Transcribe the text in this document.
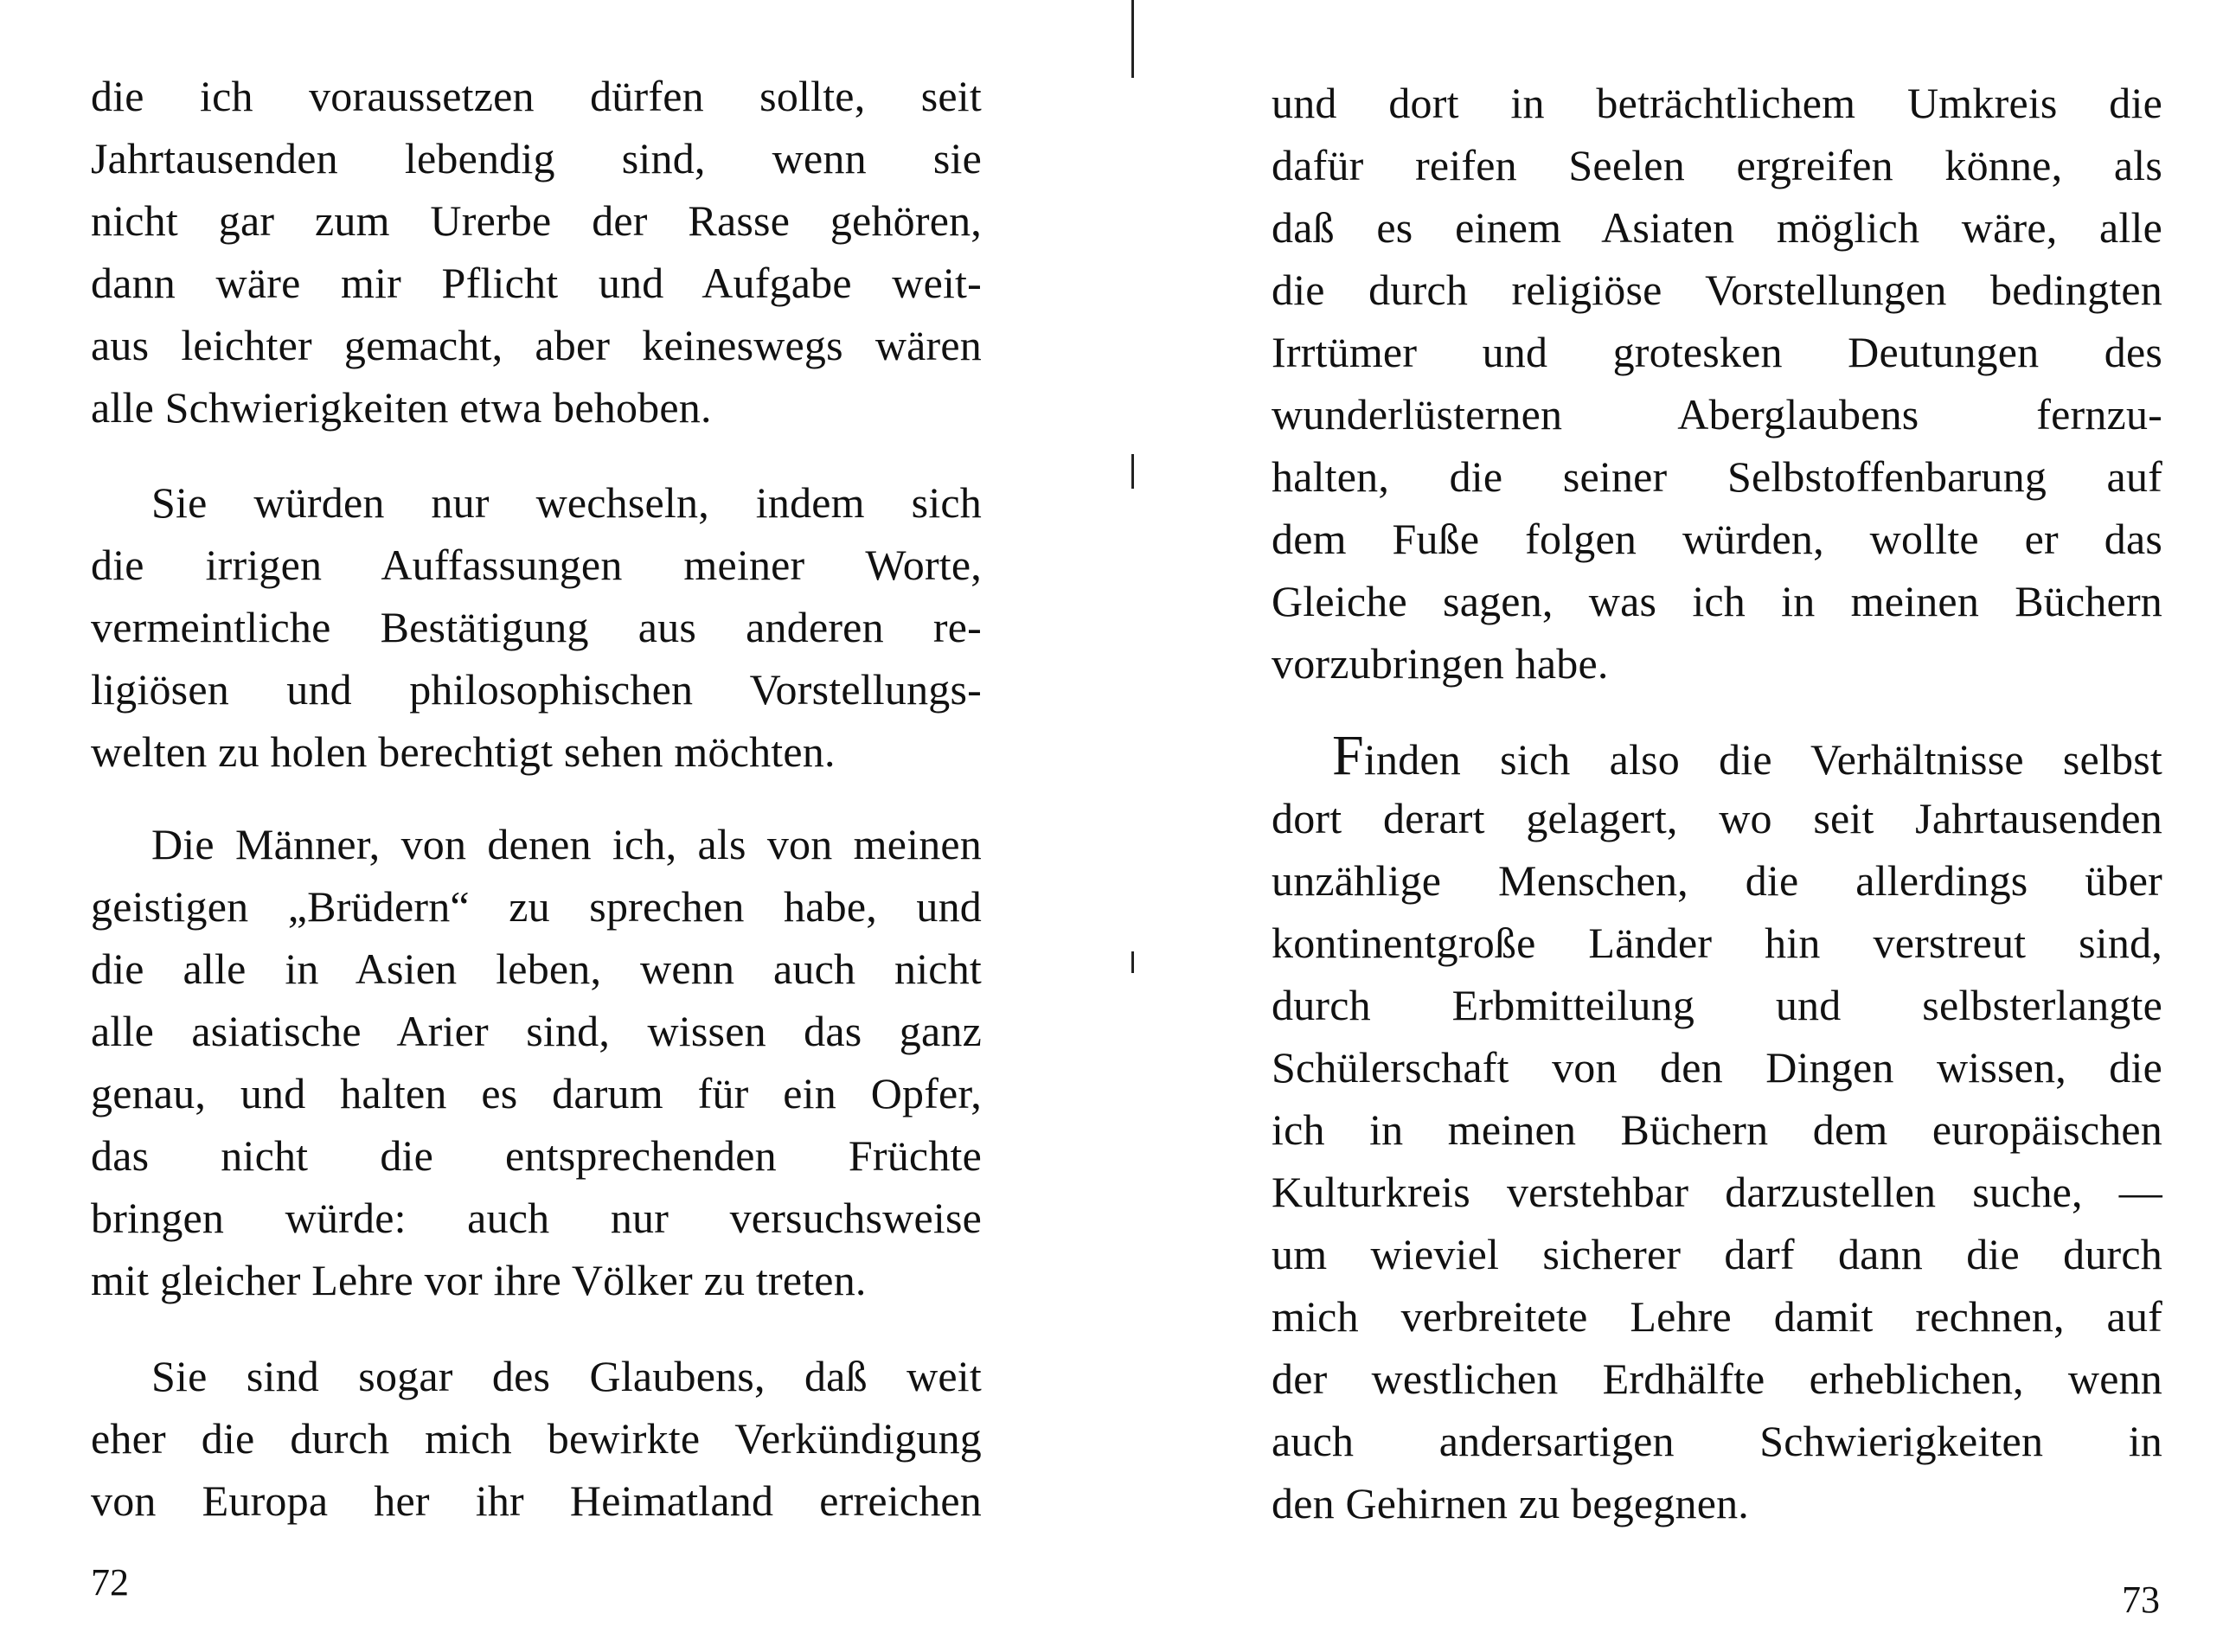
die ich voraussetzen dürfen sollte, seit
Jahrtausenden lebendig sind, wenn sie
nicht gar zum Urerbe der Rasse gehören,
dann wäre mir Pflicht und Aufgabe weit-
aus leichter gemacht, aber keineswegs wären
alle Schwierigkeiten etwa behoben.
Sie würden nur wechseln, indem sich
die irrigen Auffassungen meiner Worte,
vermeintliche Bestätigung aus anderen re-
ligiösen und philosophischen Vorstellungs-
welten zu holen berechtigt sehen möchten.
Die Männer, von denen ich, als von meinen
geistigen „Brüdern“ zu sprechen habe, und
die alle in Asien leben, wenn auch nicht
alle asiatische Arier sind, wissen das ganz
genau, und halten es darum für ein Opfer,
das nicht die entsprechenden Früchte
bringen würde: auch nur versuchsweise
mit gleicher Lehre vor ihre Völker zu treten.
Sie sind sogar des Glaubens, daß weit
eher die durch mich bewirkte Verkündigung
von Europa her ihr Heimatland erreichen
72
und dort in beträchtlichem Umkreis die
dafür reifen Seelen ergreifen könne, als
daß es einem Asiaten möglich wäre, alle
die durch religiöse Vorstellungen bedingten
Irrtümer und grotesken Deutungen des
wunderlüsternen Aberglaubens fernzu-
halten, die seiner Selbstoffenbarung auf
dem Fuße folgen würden, wollte er das
Gleiche sagen, was ich in meinen Büchern
vorzubringen habe.
Finden sich also die Verhältnisse selbst
dort derart gelagert, wo seit Jahrtausenden
unzählige Menschen, die allerdings über
kontinentgroße Länder hin verstreut sind,
durch Erbmitteilung und selbsterlangte
Schülerschaft von den Dingen wissen, die
ich in meinen Büchern dem europäischen
Kulturkreis verstehbar darzustellen suche, —
um wieviel sicherer darf dann die durch
mich verbreitete Lehre damit rechnen, auf
der westlichen Erdhälfte erheblichen, wenn
auch andersartigen Schwierigkeiten in
den Gehirnen zu begegnen.
73
